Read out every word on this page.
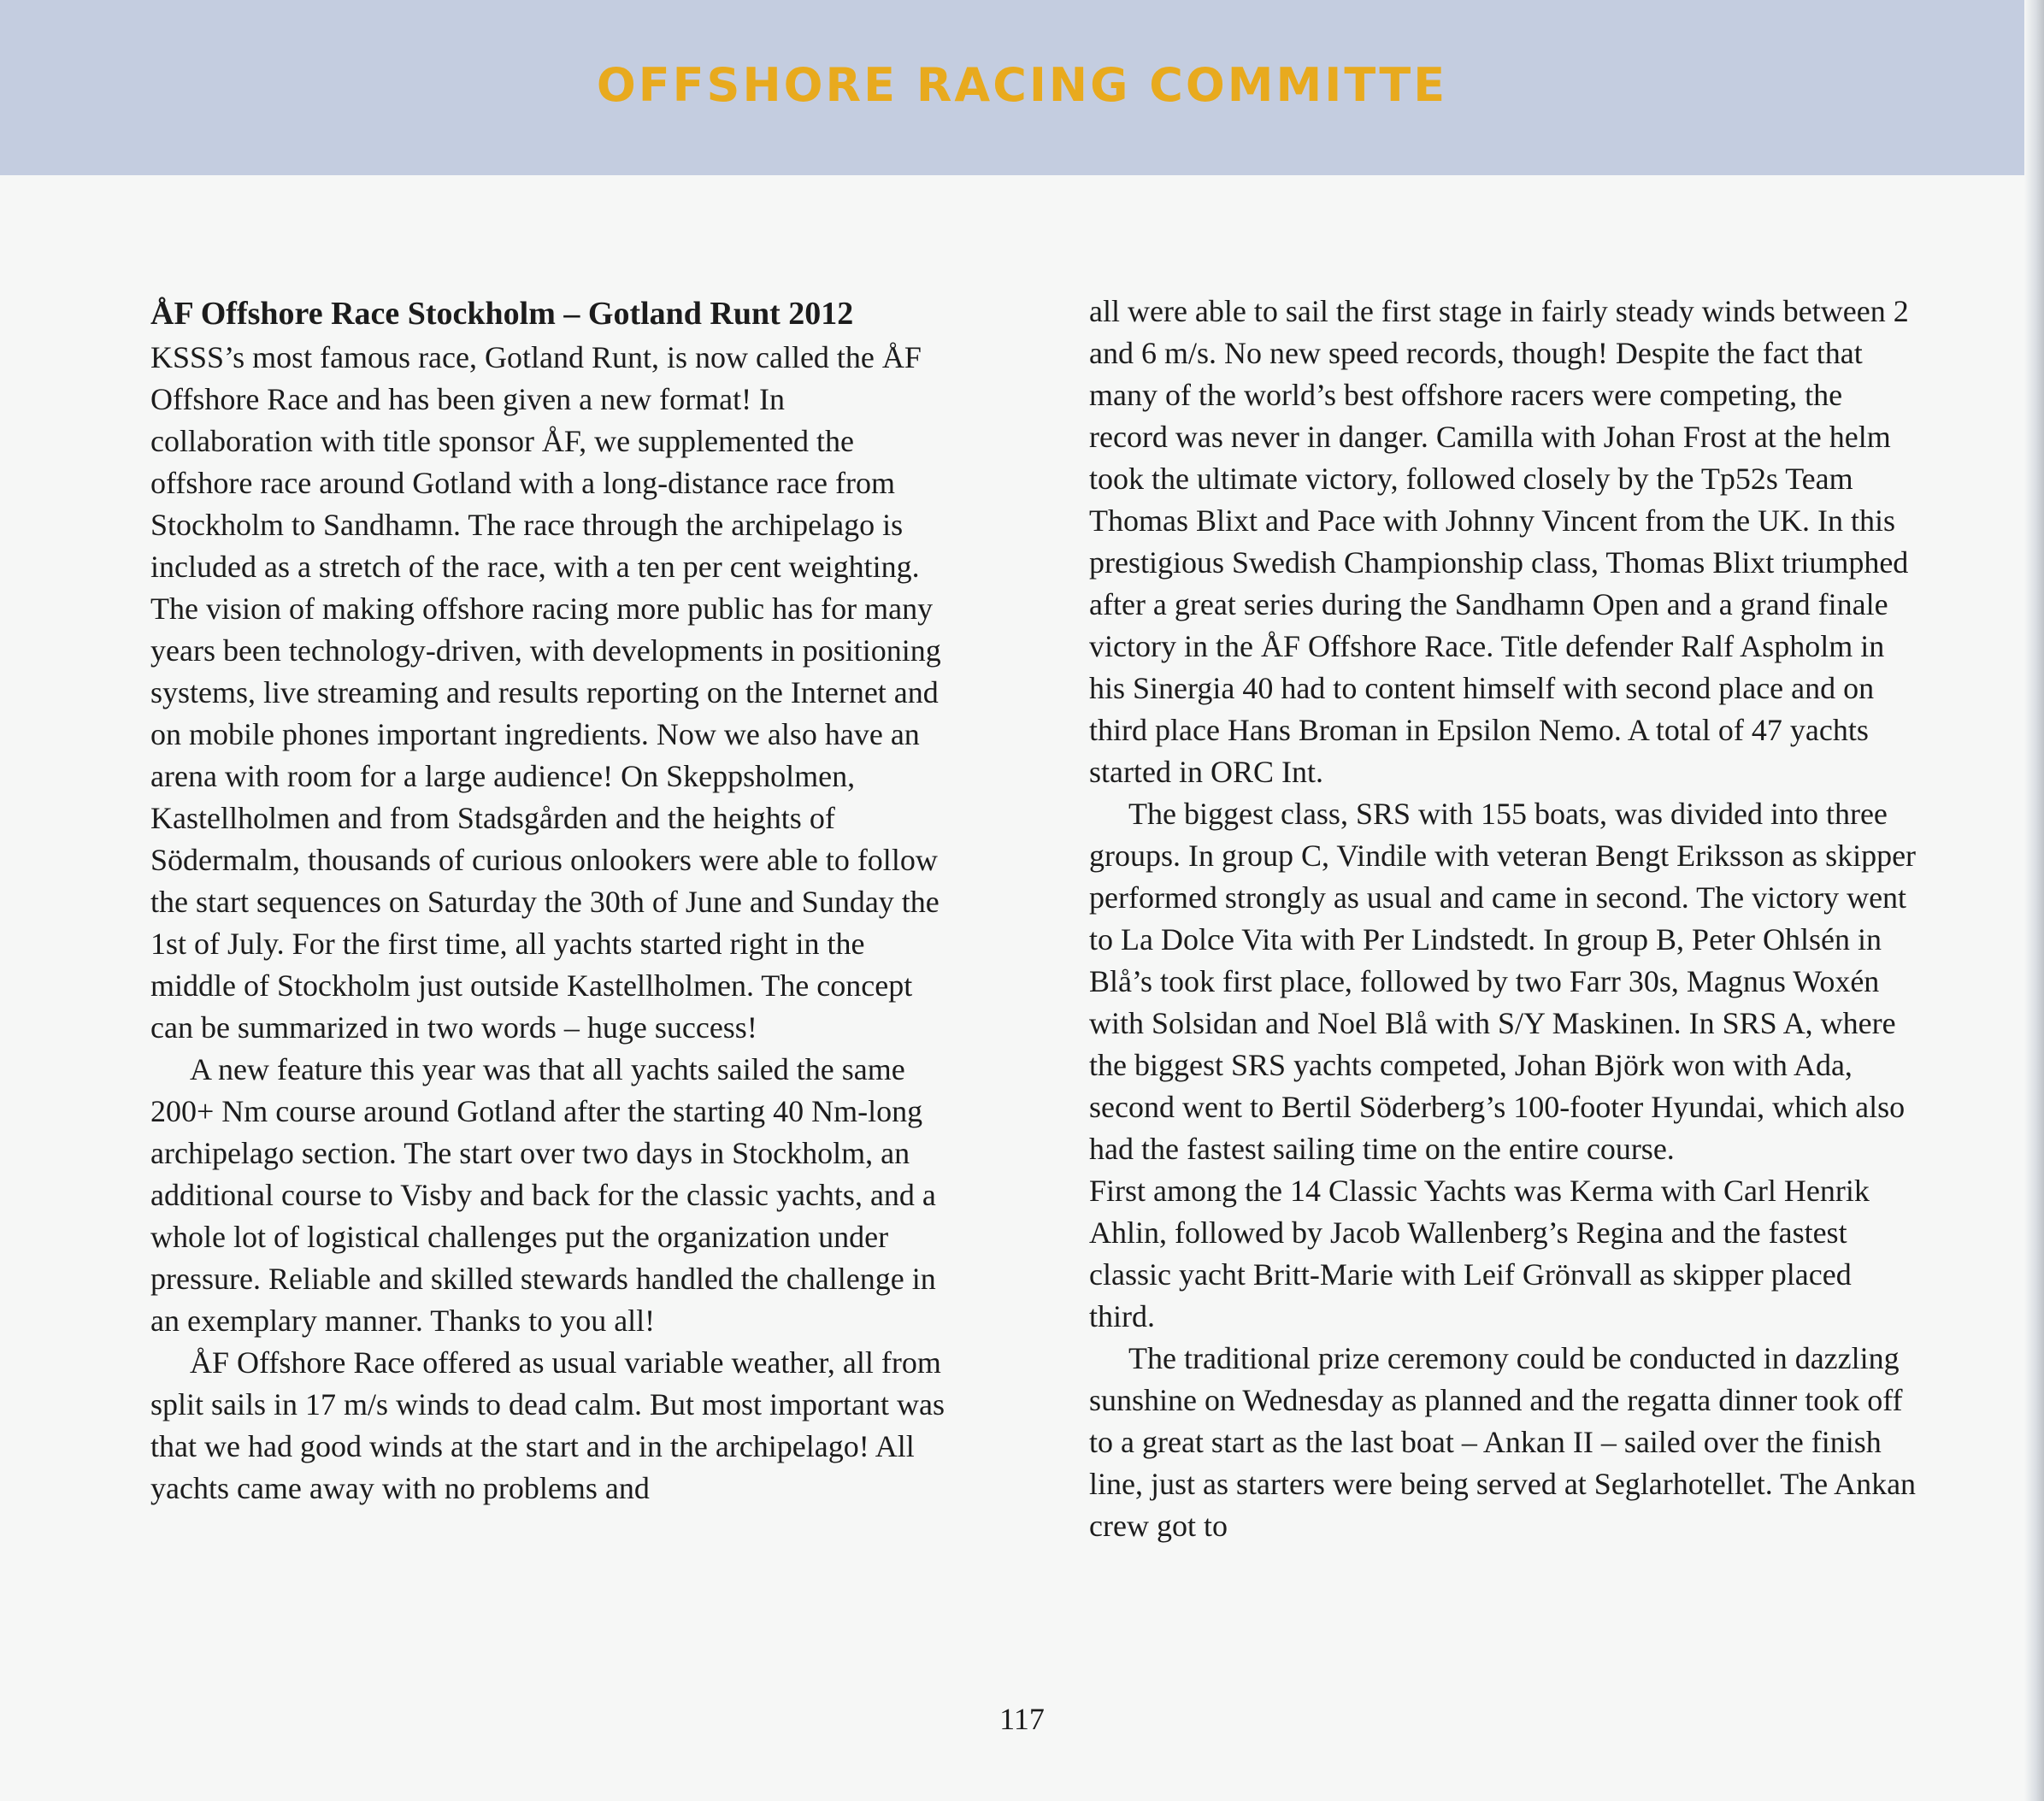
OFFSHORE RACING COMMITTE
ÅF Offshore Race Stockholm – Gotland Runt 2012

KSSS’s most famous race, Gotland Runt, is now called the ÅF Offshore Race and has been given a new format! In collaboration with title sponsor ÅF, we supplemented the offshore race around Gotland with a long-distance race from Stockholm to Sandhamn. The race through the archipelago is included as a stretch of the race, with a ten per cent weighting. The vision of making offshore racing more public has for many years been technology-driven, with developments in positioning systems, live streaming and results reporting on the Internet and on mobile phones important ingredients. Now we also have an arena with room for a large audience! On Skeppsholmen, Kastellholmen and from Stadsgården and the heights of Södermalm, thousands of curious onlookers were able to follow the start sequences on Saturday the 30th of June and Sunday the 1st of July. For the first time, all yachts started right in the middle of Stockholm just outside Kastellholmen. The concept can be summarized in two words – huge success!

A new feature this year was that all yachts sailed the same 200+ Nm course around Gotland after the starting 40 Nm-long archipelago section. The start over two days in Stockholm, an additional course to Visby and back for the classic yachts, and a whole lot of logistical challenges put the organization under pressure. Reliable and skilled stewards handled the challenge in an exemplary manner. Thanks to you all!

ÅF Offshore Race offered as usual variable weather, all from split sails in 17 m/s winds to dead calm. But most important was that we had good winds at the start and in the archipelago! All yachts came away with no problems and

all were able to sail the first stage in fairly steady winds between 2 and 6 m/s. No new speed records, though! Despite the fact that many of the world’s best offshore racers were competing, the record was never in danger. Camilla with Johan Frost at the helm took the ultimate victory, followed closely by the Tp52s Team Thomas Blixt and Pace with Johnny Vincent from the UK. In this prestigious Swedish Championship class, Thomas Blixt triumphed after a great series during the Sandhamn Open and a grand finale victory in the ÅF Offshore Race. Title defender Ralf Aspholm in his Sinergia 40 had to content himself with second place and on third place Hans Broman in Epsilon Nemo. A total of 47 yachts started in ORC Int.

The biggest class, SRS with 155 boats, was divided into three groups. In group C, Vindile with veteran Bengt Eriksson as skipper performed strongly as usual and came in second. The victory went to La Dolce Vita with Per Lindstedt. In group B, Peter Ohlsén in Blå’s took first place, followed by two Farr 30s, Magnus Woxén with Solsidan and Noel Blå with S/Y Maskinen. In SRS A, where the biggest SRS yachts competed, Johan Björk won with Ada, second went to Bertil Söderberg’s 100-footer Hyundai, which also had the fastest sailing time on the entire course.

First among the 14 Classic Yachts was Kerma with Carl Henrik Ahlin, followed by Jacob Wallenberg’s Regina and the fastest classic yacht Britt-Marie with Leif Grönvall as skipper placed third.

The traditional prize ceremony could be conducted in dazzling sunshine on Wednesday as planned and the regatta dinner took off to a great start as the last boat – Ankan II – sailed over the finish line, just as starters were being served at Seglarhotellet. The Ankan crew got to

117
